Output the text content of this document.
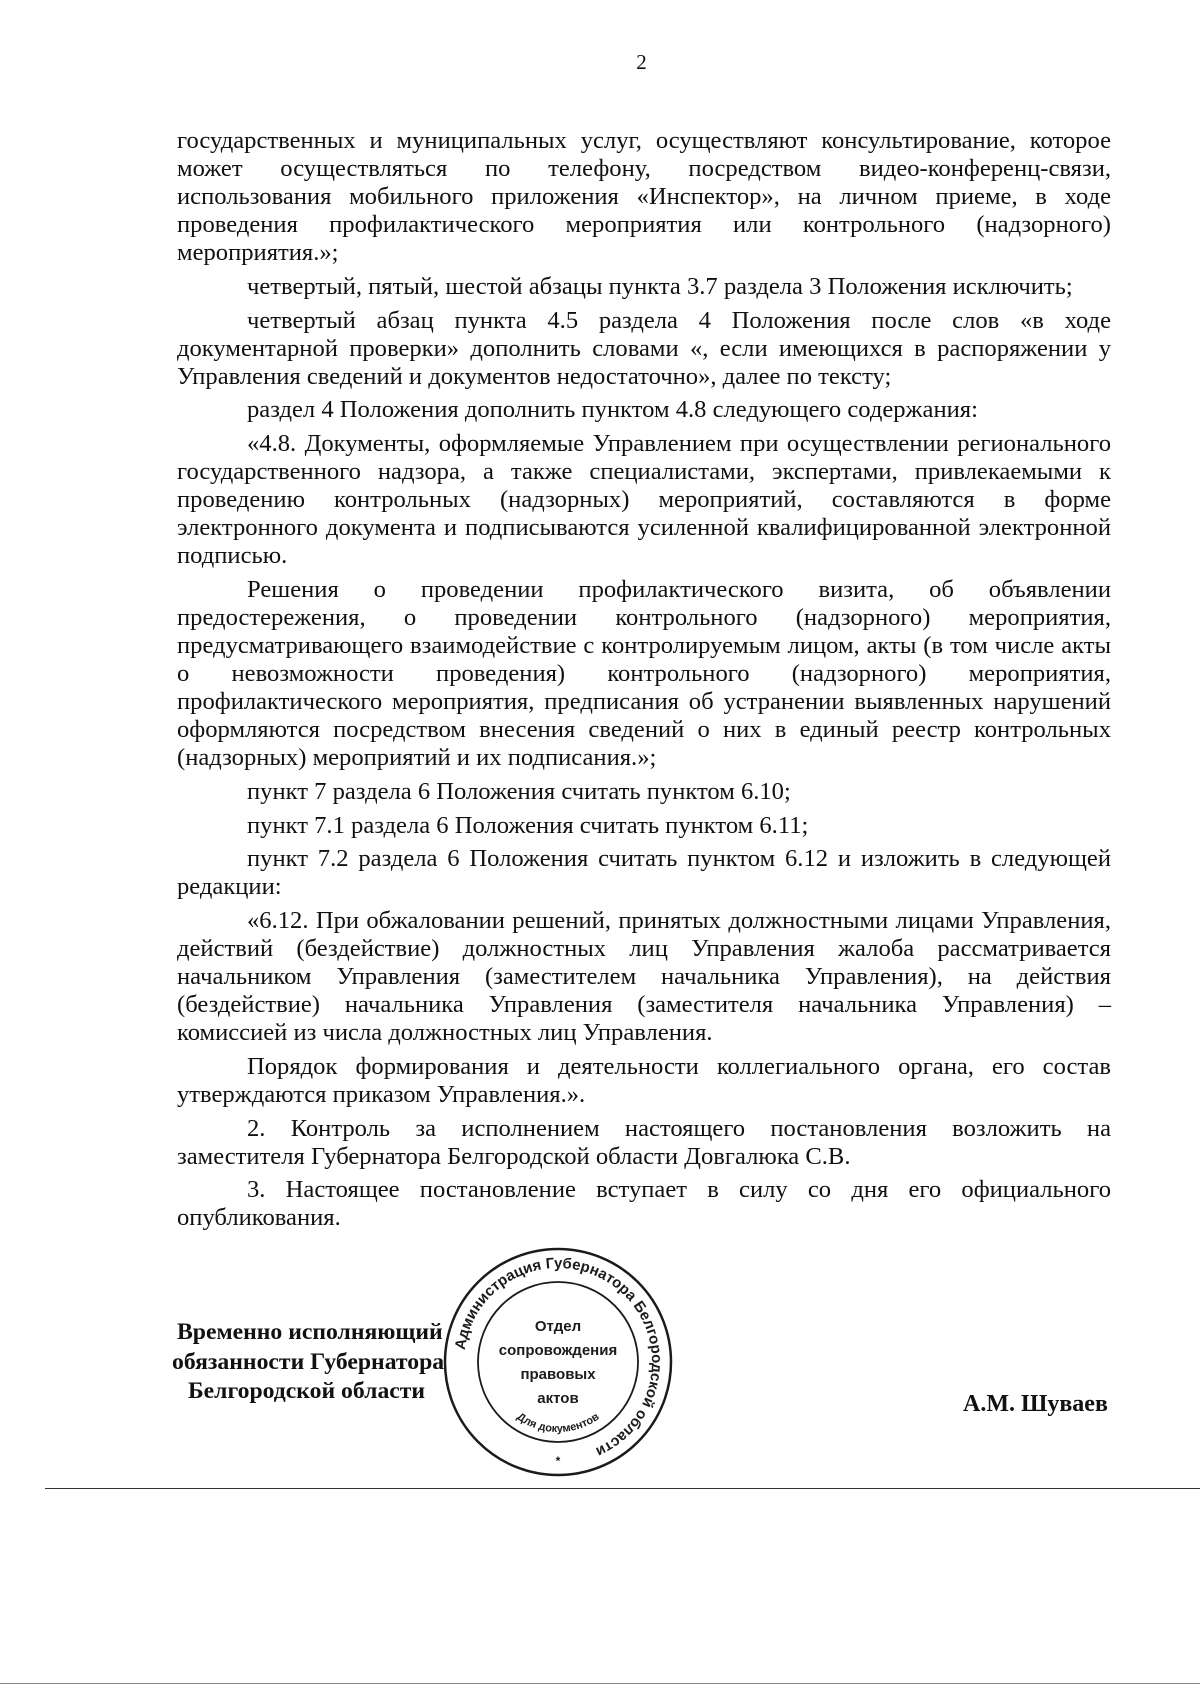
2

государственных и муниципальных услуг, осуществляют консультирование, которое может осуществляться по телефону, посредством видео-конференц-связи, использования мобильного приложения «Инспектор», на личном приеме, в ходе проведения профилактического мероприятия или контрольного (надзорного) мероприятия.»;

четвертый, пятый, шестой абзацы пункта 3.7 раздела 3 Положения исключить;

четвертый абзац пункта 4.5 раздела 4 Положения после слов «в ходе документарной проверки» дополнить словами «, если имеющихся в распоряжении у Управления сведений и документов недостаточно», далее по тексту;

раздел 4 Положения дополнить пунктом 4.8 следующего содержания:

«4.8. Документы, оформляемые Управлением при осуществлении регионального государственного надзора, а также специалистами, экспертами, привлекаемыми к проведению контрольных (надзорных) мероприятий, составляются в форме электронного документа и подписываются усиленной квалифицированной электронной подписью.

Решения о проведении профилактического визита, об объявлении предостережения, о проведении контрольного (надзорного) мероприятия, предусматривающего взаимодействие с контролируемым лицом, акты (в том числе акты о невозможности проведения) контрольного (надзорного) мероприятия, профилактического мероприятия, предписания об устранении выявленных нарушений оформляются посредством внесения сведений о них в единый реестр контрольных (надзорных) мероприятий и их подписания.»;

пункт 7 раздела 6 Положения считать пунктом 6.10;

пункт 7.1 раздела 6 Положения считать пунктом 6.11;

пункт 7.2 раздела 6 Положения считать пунктом 6.12 и изложить в следующей редакции:

«6.12. При обжаловании решений, принятых должностными лицами Управления, действий (бездействие) должностных лиц Управления жалоба рассматривается начальником Управления (заместителем начальника Управления), на действия (бездействие) начальника Управления (заместителя начальника Управления) – комиссией из числа должностных лиц Управления.

Порядок формирования и деятельности коллегиального органа, его состав утверждаются приказом Управления.».

2. Контроль за исполнением настоящего постановления возложить на заместителя Губернатора Белгородской области Довгалюка С.В.

3. Настоящее постановление вступает в силу со дня его официального опубликования.

Временно исполняющий
обязанности Губернатора
Белгородской области
Администрация Губернатора Белгородской области
Отдел
сопровождения
правовых
актов
Для документов
*
А.М. Шуваев
